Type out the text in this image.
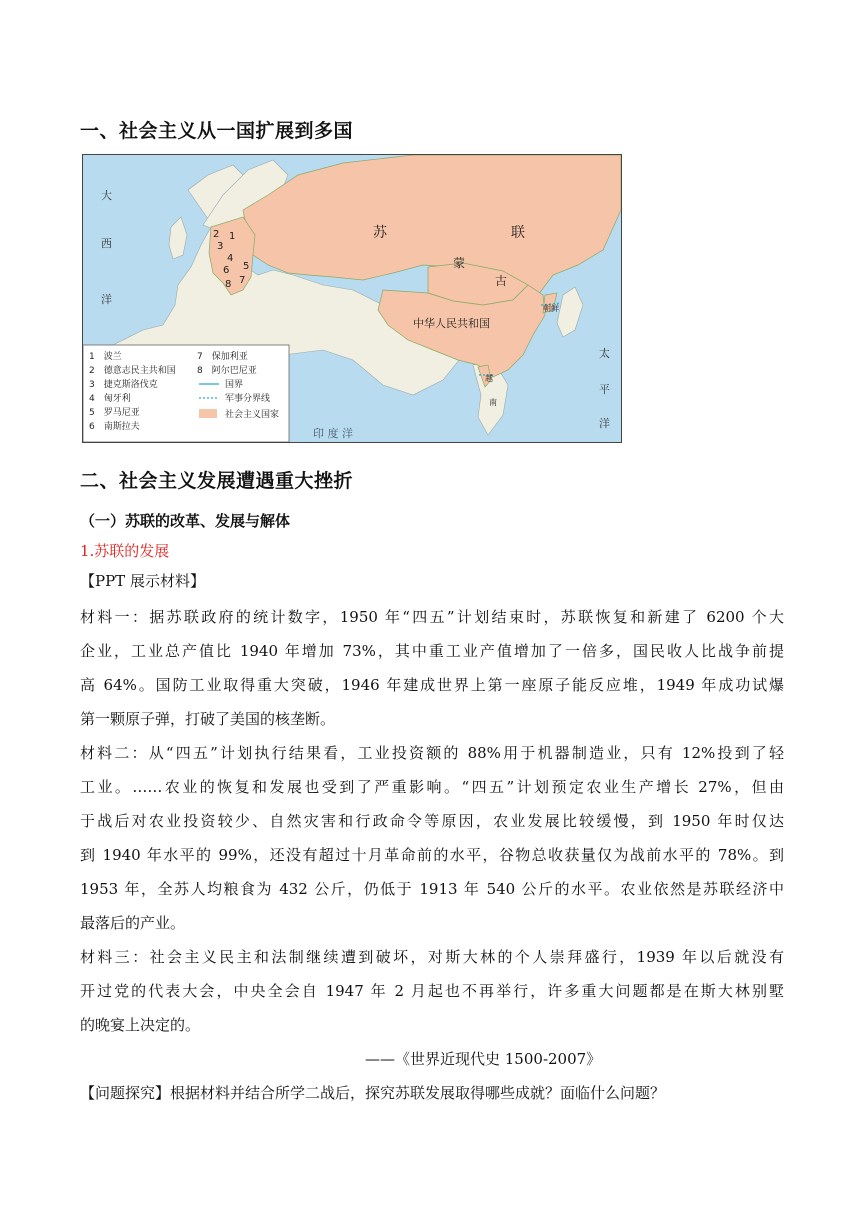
一、社会主义从一国扩展到多国
大
西
洋
太
平
洋
印 度 洋
苏	联
蒙
古
中华人民共和国
朝鲜
越
南
2 1
3
4
5
6
7
8
1　波兰
2　德意志民主共和国
3　捷克斯洛伐克
4　匈牙利
5　罗马尼亚
6　南斯拉夫
7　保加利亚
8　阿尔巴尼亚
国界
军事分界线
社会主义国家
二、社会主义发展遭遇重大挫折
（一）苏联的改革、发展与解体
1.苏联的发展
【PPT 展示材料】
材料一：据苏联政府的统计数字，1950 年“四五”计划结束时，苏联恢复和新建了 6200 个大
企业，工业总产值比 1940 年增加 73%，其中重工业产值增加了一倍多，国民收人比战争前提
高 64%。国防工业取得重大突破，1946 年建成世界上第一座原子能反应堆，1949 年成功试爆
第一颗原子弹，打破了美国的核垄断。
材料二：从“四五”计划执行结果看，工业投资额的 88%用于机器制造业，只有 12%投到了轻
工业。……农业的恢复和发展也受到了严重影响。“四五”计划预定农业生产增长 27%，但由
于战后对农业投资较少、自然灾害和行政命令等原因，农业发展比较缓慢，到 1950 年时仅达
到 1940 年水平的 99%，还没有超过十月革命前的水平，谷物总收获量仅为战前水平的 78%。到
1953 年，全苏人均粮食为 432 公斤，仍低于 1913 年 540 公斤的水平。农业依然是苏联经济中
最落后的产业。
材料三：社会主义民主和法制继续遭到破坏，对斯大林的个人崇拜盛行，1939 年以后就没有
开过党的代表大会，中央全会自 1947 年 2 月起也不再举行，许多重大问题都是在斯大林别墅
的晚宴上决定的。
——《世界近现代史 1500-2007》
【问题探究】根据材料并结合所学二战后，探究苏联发展取得哪些成就？面临什么问题？
